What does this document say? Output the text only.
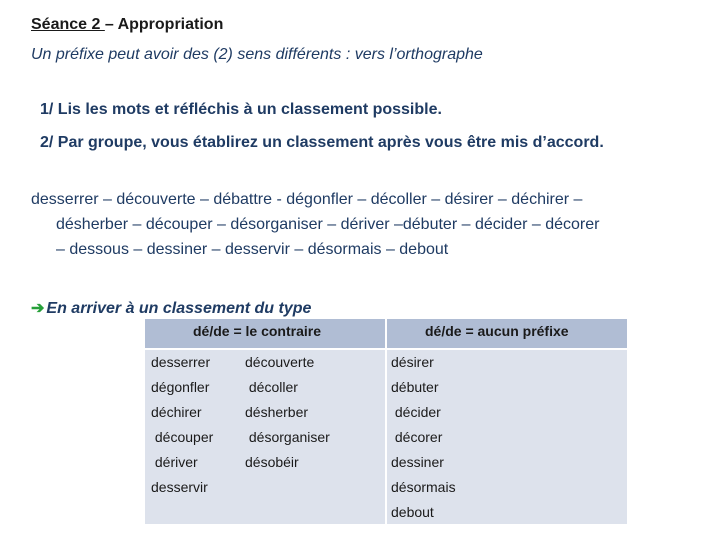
Séance 2 – Appropriation
Un préfixe peut avoir des (2) sens différents : vers l’orthographe
1/ Lis les mots et réfléchis à un classement possible.
2/ Par groupe, vous établirez un classement après vous être mis d’accord.
desserrer – découverte – débattre - dégonfler – décoller – désirer – déchirer –
désherber – découper – désorganiser – dériver –débuter – décider – décorer
– dessous – dessiner – desservir – désormais – debout
➔ En arriver à un classement du type
dé/de = le contraire	dé/de = aucun préfixe
desserrer
dégonfler
déchirer
découper
dériver
desservir
découverte
décoller
désherber
désorganiser
désobéir
désirer
débuter
décider
décorer
dessiner
désormais
debout
